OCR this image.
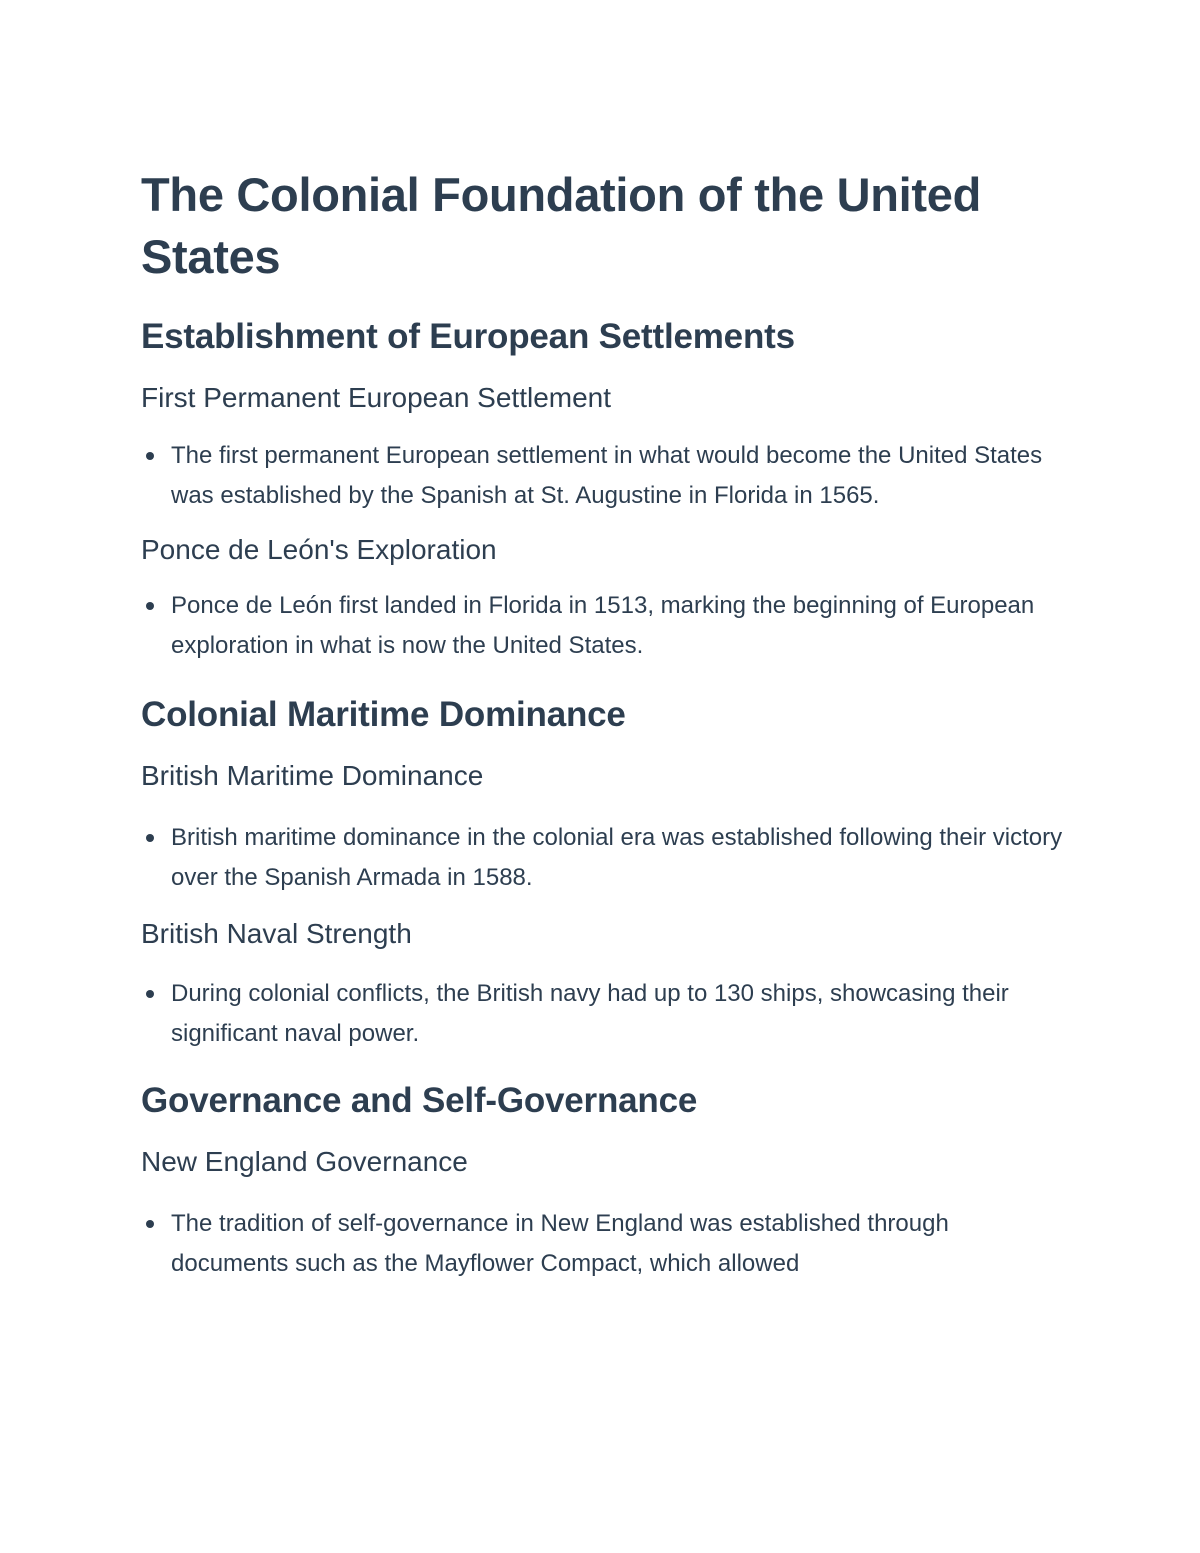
The Colonial Foundation of the United States
Establishment of European Settlements
First Permanent European Settlement
The first permanent European settlement in what would become the United States was established by the Spanish at St. Augustine in Florida in 1565.
Ponce de León's Exploration
Ponce de León first landed in Florida in 1513, marking the beginning of European exploration in what is now the United States.
Colonial Maritime Dominance
British Maritime Dominance
British maritime dominance in the colonial era was established following their victory over the Spanish Armada in 1588.
British Naval Strength
During colonial conflicts, the British navy had up to 130 ships, showcasing their significant naval power.
Governance and Self-Governance
New England Governance
The tradition of self-governance in New England was established through documents such as the Mayflower Compact, which allowed
